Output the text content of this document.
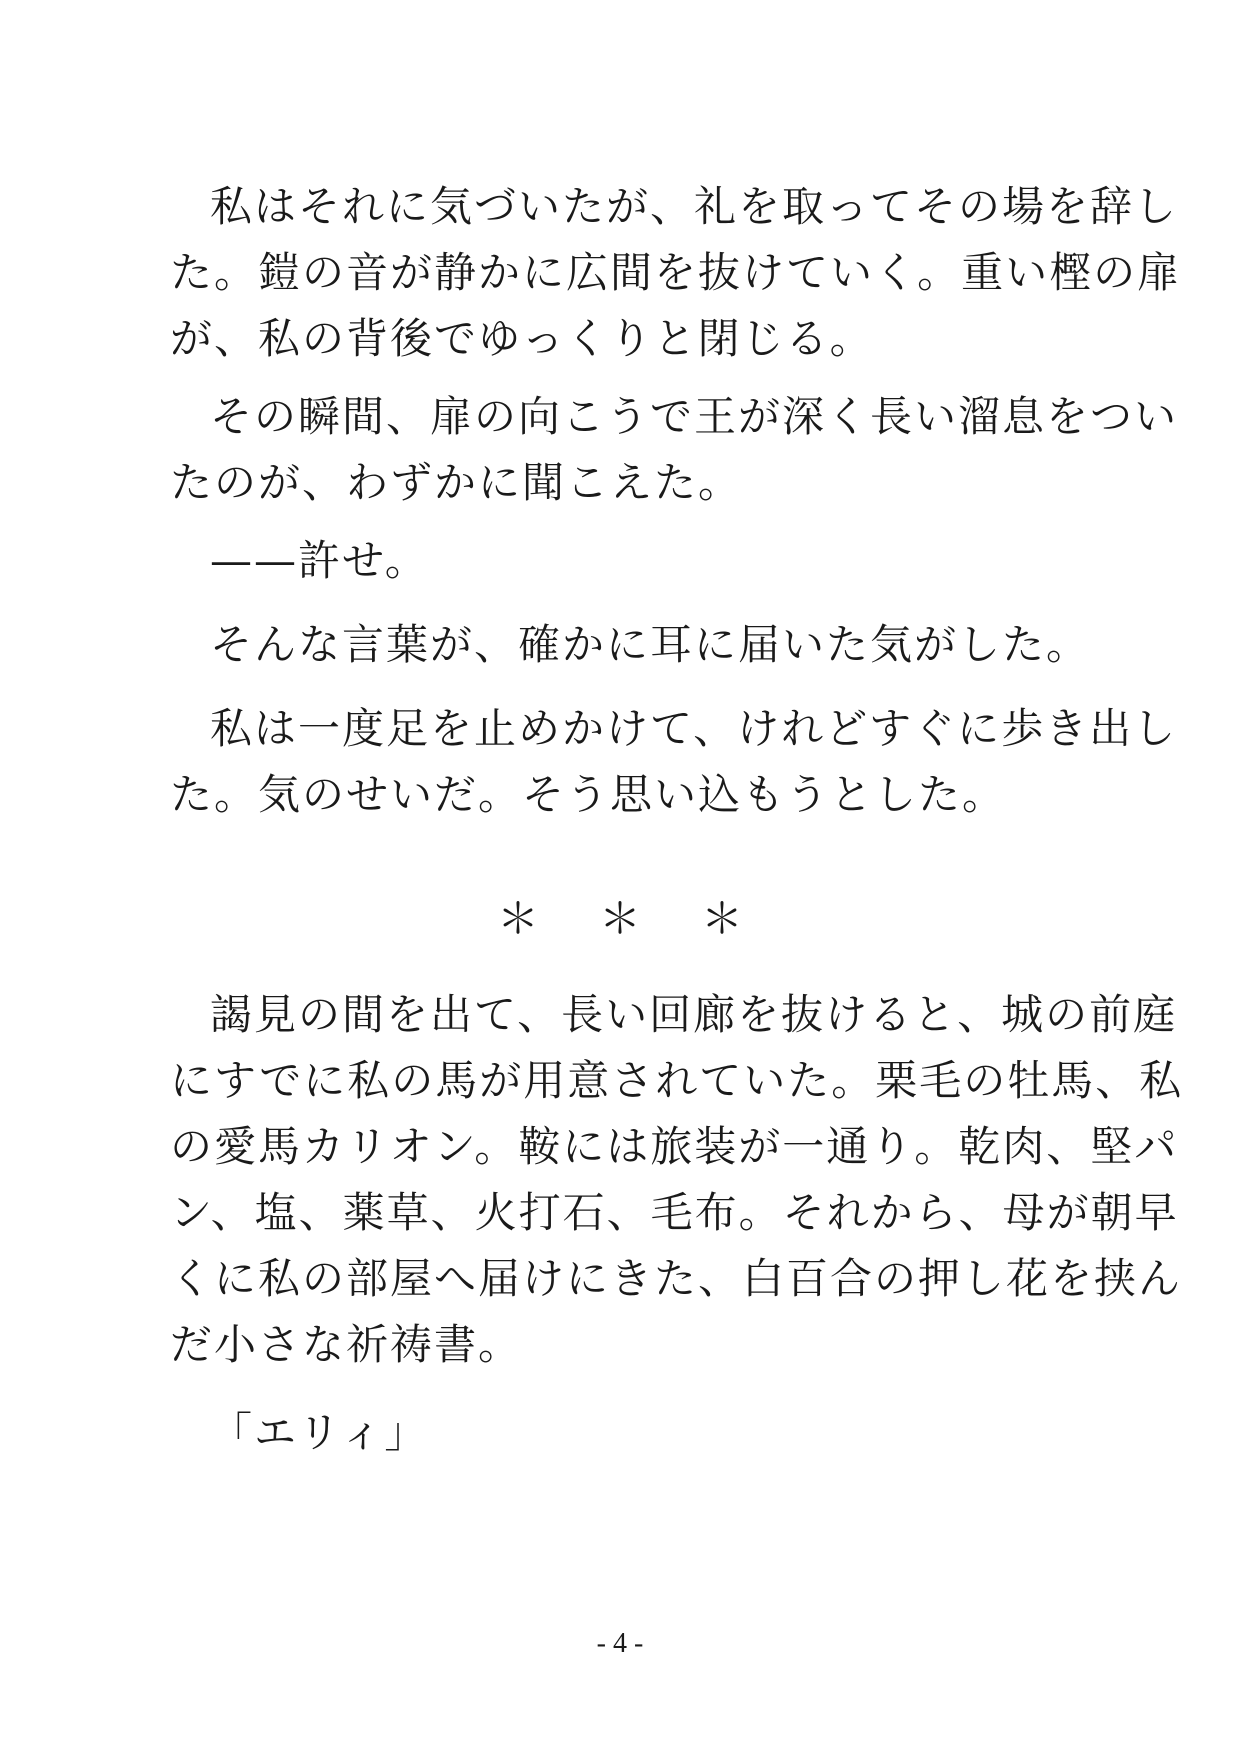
私はそれに気づいたが、礼を取ってその場を辞し

た。鎧の音が静かに広間を抜けていく。重い樫の扉

が、私の背後でゆっくりと閉じる。

その瞬間、扉の向こうで王が深く長い溜息をつい

たのが、わずかに聞こえた。

——許せ。

そんな言葉が、確かに耳に届いた気がした。

私は一度足を止めかけて、けれどすぐに歩き出し

た。気のせいだ。そう思い込もうとした。

＊＊＊

謁見の間を出て、長い回廊を抜けると、城の前庭

にすでに私の馬が用意されていた。栗毛の牡馬、私

の愛馬カリオン。鞍には旅装が一通り。乾肉、堅パ

ン、塩、薬草、火打石、毛布。それから、母が朝早

くに私の部屋へ届けにきた、白百合の押し花を挟ん

だ小さな祈祷書。

「エリィ」

- 4 -
